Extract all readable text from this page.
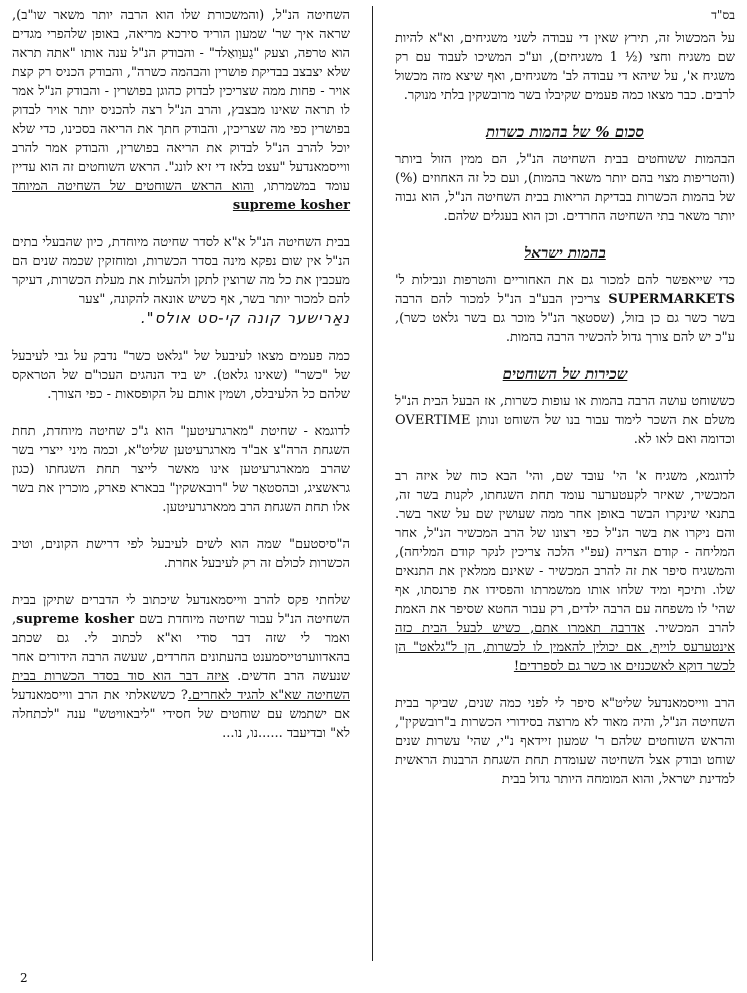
בס"ד

על המכשול זה, תירץ שאין די עבודה לשני משגיחים, וא"א להיות שם משגיח וחצי (½ 1 משגיחים), וע"כ המשיכו לעבוד עם רק משגיח א', על שיהא די עבודה לב' משגיחים, ואף שיצא מזה מכשול לרבים. כבר מצאו כמה פעמים שקיבלו בשר מרובשקין בלתי מנוקר.

סכום % של בהמות כשרות

הבהמות ששוחטים בבית השחיטה הנ"ל, הם ממין הזול ביותר (והטריפות מצוי בהם יותר משאר בהמות), ועם כל זה האחוזים (%) של בהמות הכשרות בבדיקת הריאות בבית השחיטה הנ"ל, הוא גבוה יותר משאר בתי השחיטה החרדים. וכן הוא בעגלים שלהם.

בהמות ישראל

כדי שייאפשר להם למכור גם את האחוריים והטרפות ונבילות ל' SUPERMARKETS צריכין הבע"ב הנ"ל למכור להם הרבה בשר כשר גם כן בזול, (שסטאַר הנ"ל מוכר גם בשר גלאט כשר), ע"כ יש להם צורך גדול להכשיר הרבה בהמות.

שכירות של השוחטים

כששוחט עושה הרבה בהמות או עופות כשרות, אז הבעל הבית הנ"ל משלם את השכר לימוד עבור בנו של השוחט ונותן OVERTIME וכדומה ואם לאו לא.

לדוגמא, משגיח א' הי' עובד שם, והי' הבא כוח של איזה רב המכשיר, שאיזר לקעטערער עומד תחת השגחתו, לקנות בשר זה, בתנאי שינקרו הבשר באופן אחר ממה שעושין שם על שאר בשר. והם ניקרו את בשר הנ"ל כפי רצונו של הרב המכשיר הנ"ל, אחר המליחה - קודם הצריה (עפ"י הלכה צריכין לנקר קודם המליחה), והמשגיח סיפר את זה להרב המכשיר - שאינם ממלאין את התנאים שלו. ותיכף ומיד שלחו אותו ממשמרתו והפסידו את פרנסתו, אף שהי' לו משפחה עם הרבה ילדים, רק עבור החטא שסיפר את האמת להרב המכשיר. אדרבה תאמרו אתם, כשיש לבעל הבית כזה אינטערעס לוייף, אם יכולין להאמין לו לכשרות, הן ל"גלאט" הן לכשר דוקא לאשכנזים או כשר גם לספרדים!

הרב ווייסמאנדעל שליט"א סיפר לי לפני כמה שנים, שביקר בבית השחיטה הנ"ל, והיה מאוד לא מרוצה בסידורי הכשרות ב"רובשקין", והראש השוחטים שלהם ר' שמעון זיידאף נ"י, שהי' עשרות שנים שוחט ובודק אצל השחיטה שעומדת תחת השגחת הרבנות הראשית למדינת ישראל, והוא המומחה היותר גדול בבית

השחיטה הנ"ל, (והמשכורת שלו הוא הרבה יותר משאר שו"ב), שראה איך שר' שמעון הוריד סירכא מריאה, באופן שלהפרי מגדים הוא טרפה, וצעק "גַעוַואַלד" - והבודק הנ"ל ענה אותו "אתה תראה שלא יצבצב בבדיקת פושרין והבהמה כשרה", והבודק הכניס רק קצת אויר - פחות ממה שצריכין לבדוק כהוגן בפושרין - והבודק הנ"ל אמר לו תראה שאינו מבצבץ, והרב הנ"ל רצה להכניס יותר אויר לבדוק בפושרין כפי מה שצריכין, והבודק חתך את הריאה בסכינו, כדי שלא יוכל להרב הנ"ל לבדוק את הריאה בפושרין, והבודק אמר להרב ווייסמאנדעל "עצט בלאז די זיא לונג". הראש השוחטים זה הוא עדיין עומד במשמרתו, והוא הראש השוחטים של השחיטה המיוחד supreme kosher

בבית השחיטה הנ"ל א"א לסדר שחיטה מיוחדת, כיון שהבעלי בתים הנ"ל אין שום נפקא מינה בסדר הכשרות, ומוחזקין שכמה שנים הם מעכבין את כל מה שרוצין לתקן ולהעלות את מעלת הכשרות, דעיקר להם למכור יותר בשר, אף כשיש אונאה להקונה, "צער
נאַרישער קונה קי-סט אולס".

כמה פעמים מצאו לעיבעל של "גלאט כשר" נדבק על גבי לעיבעל של "כשר" (שאינו גלאט). יש ביד הנהגים העכו"ם של הטראקס שלהם כל הלעיבלס, ושמין אותם על הקופסאות - כפי הצורך.

לדוגמא - שחיטת "מארגרעיטען" הוא ג"כ שחיטה מיוחדת, תחת השגחת הרה"צ אב"ד מארגרעיטען שליט"א, וכמה מיני ייצרי בשר שהרב ממארגרעיטען אינו מאשר לייצר תחת השגחתו (כגון גראשציג, ובהסטאַר של "רובאשקין" בבארא פארק, מוכרין את בשר אלו תחת השגחת הרב ממארגרעיטען.

ה"סיסטעם" שמה הוא לשים לעיבעל לפי דרישת הקונים, וטיב הכשרות לכולם זה רק לעיבעל אחרת.

שלחתי פקס להרב ווייסמאנדעל שיכתוב לי הדברים שתיקן בבית השחיטה הנ"ל עבור שחיטה מיוחדת בשם supreme kosher, ואמר לי שזה דבר סודי וא"א לכתוב לי. גם שכתב בהאדווערטייסמענט בהעתונים החרדים, שעשה הרבה הידורים אחר שנעשה הרב חדשים. איזה דבר הוא סוד בסדר הכשרות בבית השחיטה שא"א להגיד לאחרים.? כששאלתי את הרב ווייסמאנדעל אם ישתמש עם שוחטים של חסידי "ליבאוויטש" ענה "לכתחלה לא" ובדיעבד ......נו, נו...

2
